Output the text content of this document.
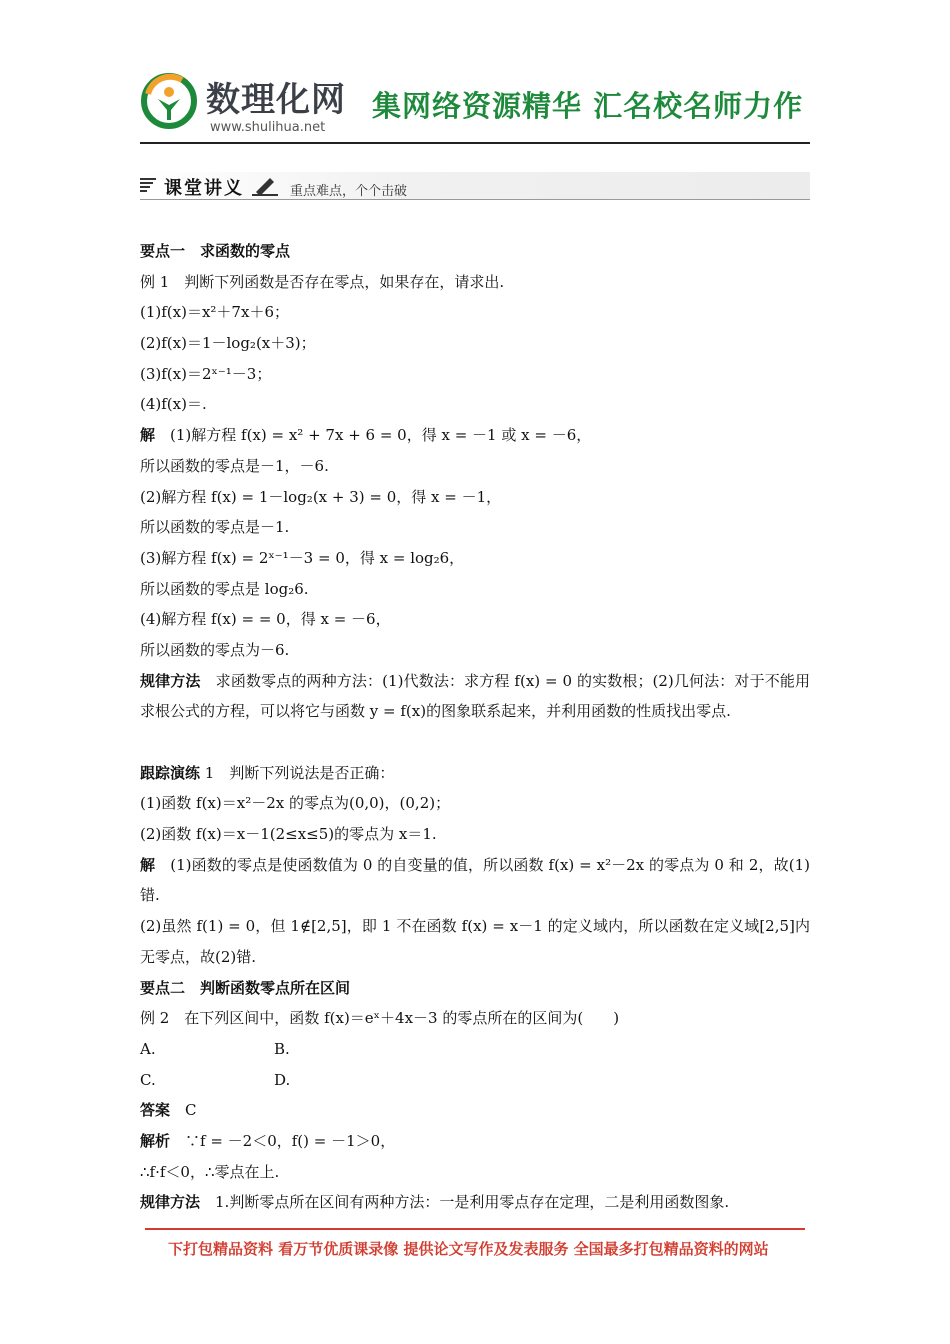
数理化网
www.shulihua.net
集网络资源精华 汇名校名师力作
课堂讲义	重点难点，个个击破
要点一　求函数的零点
例 1　判断下列函数是否存在零点，如果存在，请求出.
(1)f(x)＝x²＋7x＋6；
(2)f(x)＝1－log₂(x＋3)；
(3)f(x)＝2ˣ⁻¹－3；
(4)f(x)＝.
解　(1)解方程 f(x) = x² + 7x + 6 = 0，得 x = －1 或 x = －6，
所以函数的零点是－1，－6.
(2)解方程 f(x) = 1－log₂(x + 3) = 0，得 x = －1，
所以函数的零点是－1.
(3)解方程 f(x) = 2ˣ⁻¹－3 = 0，得 x = log₂6，
所以函数的零点是 log₂6.
(4)解方程 f(x) = = 0，得 x = －6，
所以函数的零点为－6.
规律方法　求函数零点的两种方法：(1)代数法：求方程 f(x) = 0 的实数根；(2)几何法：对于不能用求根公式的方程，可以将它与函数 y = f(x)的图象联系起来，并利用函数的性质找出零点.
跟踪演练 1　判断下列说法是否正确：
(1)函数 f(x)＝x²－2x 的零点为(0,0)，(0,2)；
(2)函数 f(x)＝x－1(2≤x≤5)的零点为 x＝1.
解　(1)函数的零点是使函数值为 0 的自变量的值，所以函数 f(x) = x²－2x 的零点为 0 和 2，故(1)错.
(2)虽然 f(1) = 0，但 1∉[2,5]，即 1 不在函数 f(x) = x－1 的定义域内，所以函数在定义域[2,5]内无零点，故(2)错.
要点二　判断函数零点所在区间
例 2　在下列区间中，函数 f(x)＝eˣ＋4x－3 的零点所在的区间为(　　)
A.	B.
C.	D.
答案　C
解析　∵f = －2＜0，f() = －1＞0，
∴f·f＜0，∴零点在上.
规律方法　1.判断零点所在区间有两种方法：一是利用零点存在定理，二是利用函数图象.
下打包精品资料 看万节优质课录像 提供论文写作及发表服务 全国最多打包精品资料的网站
